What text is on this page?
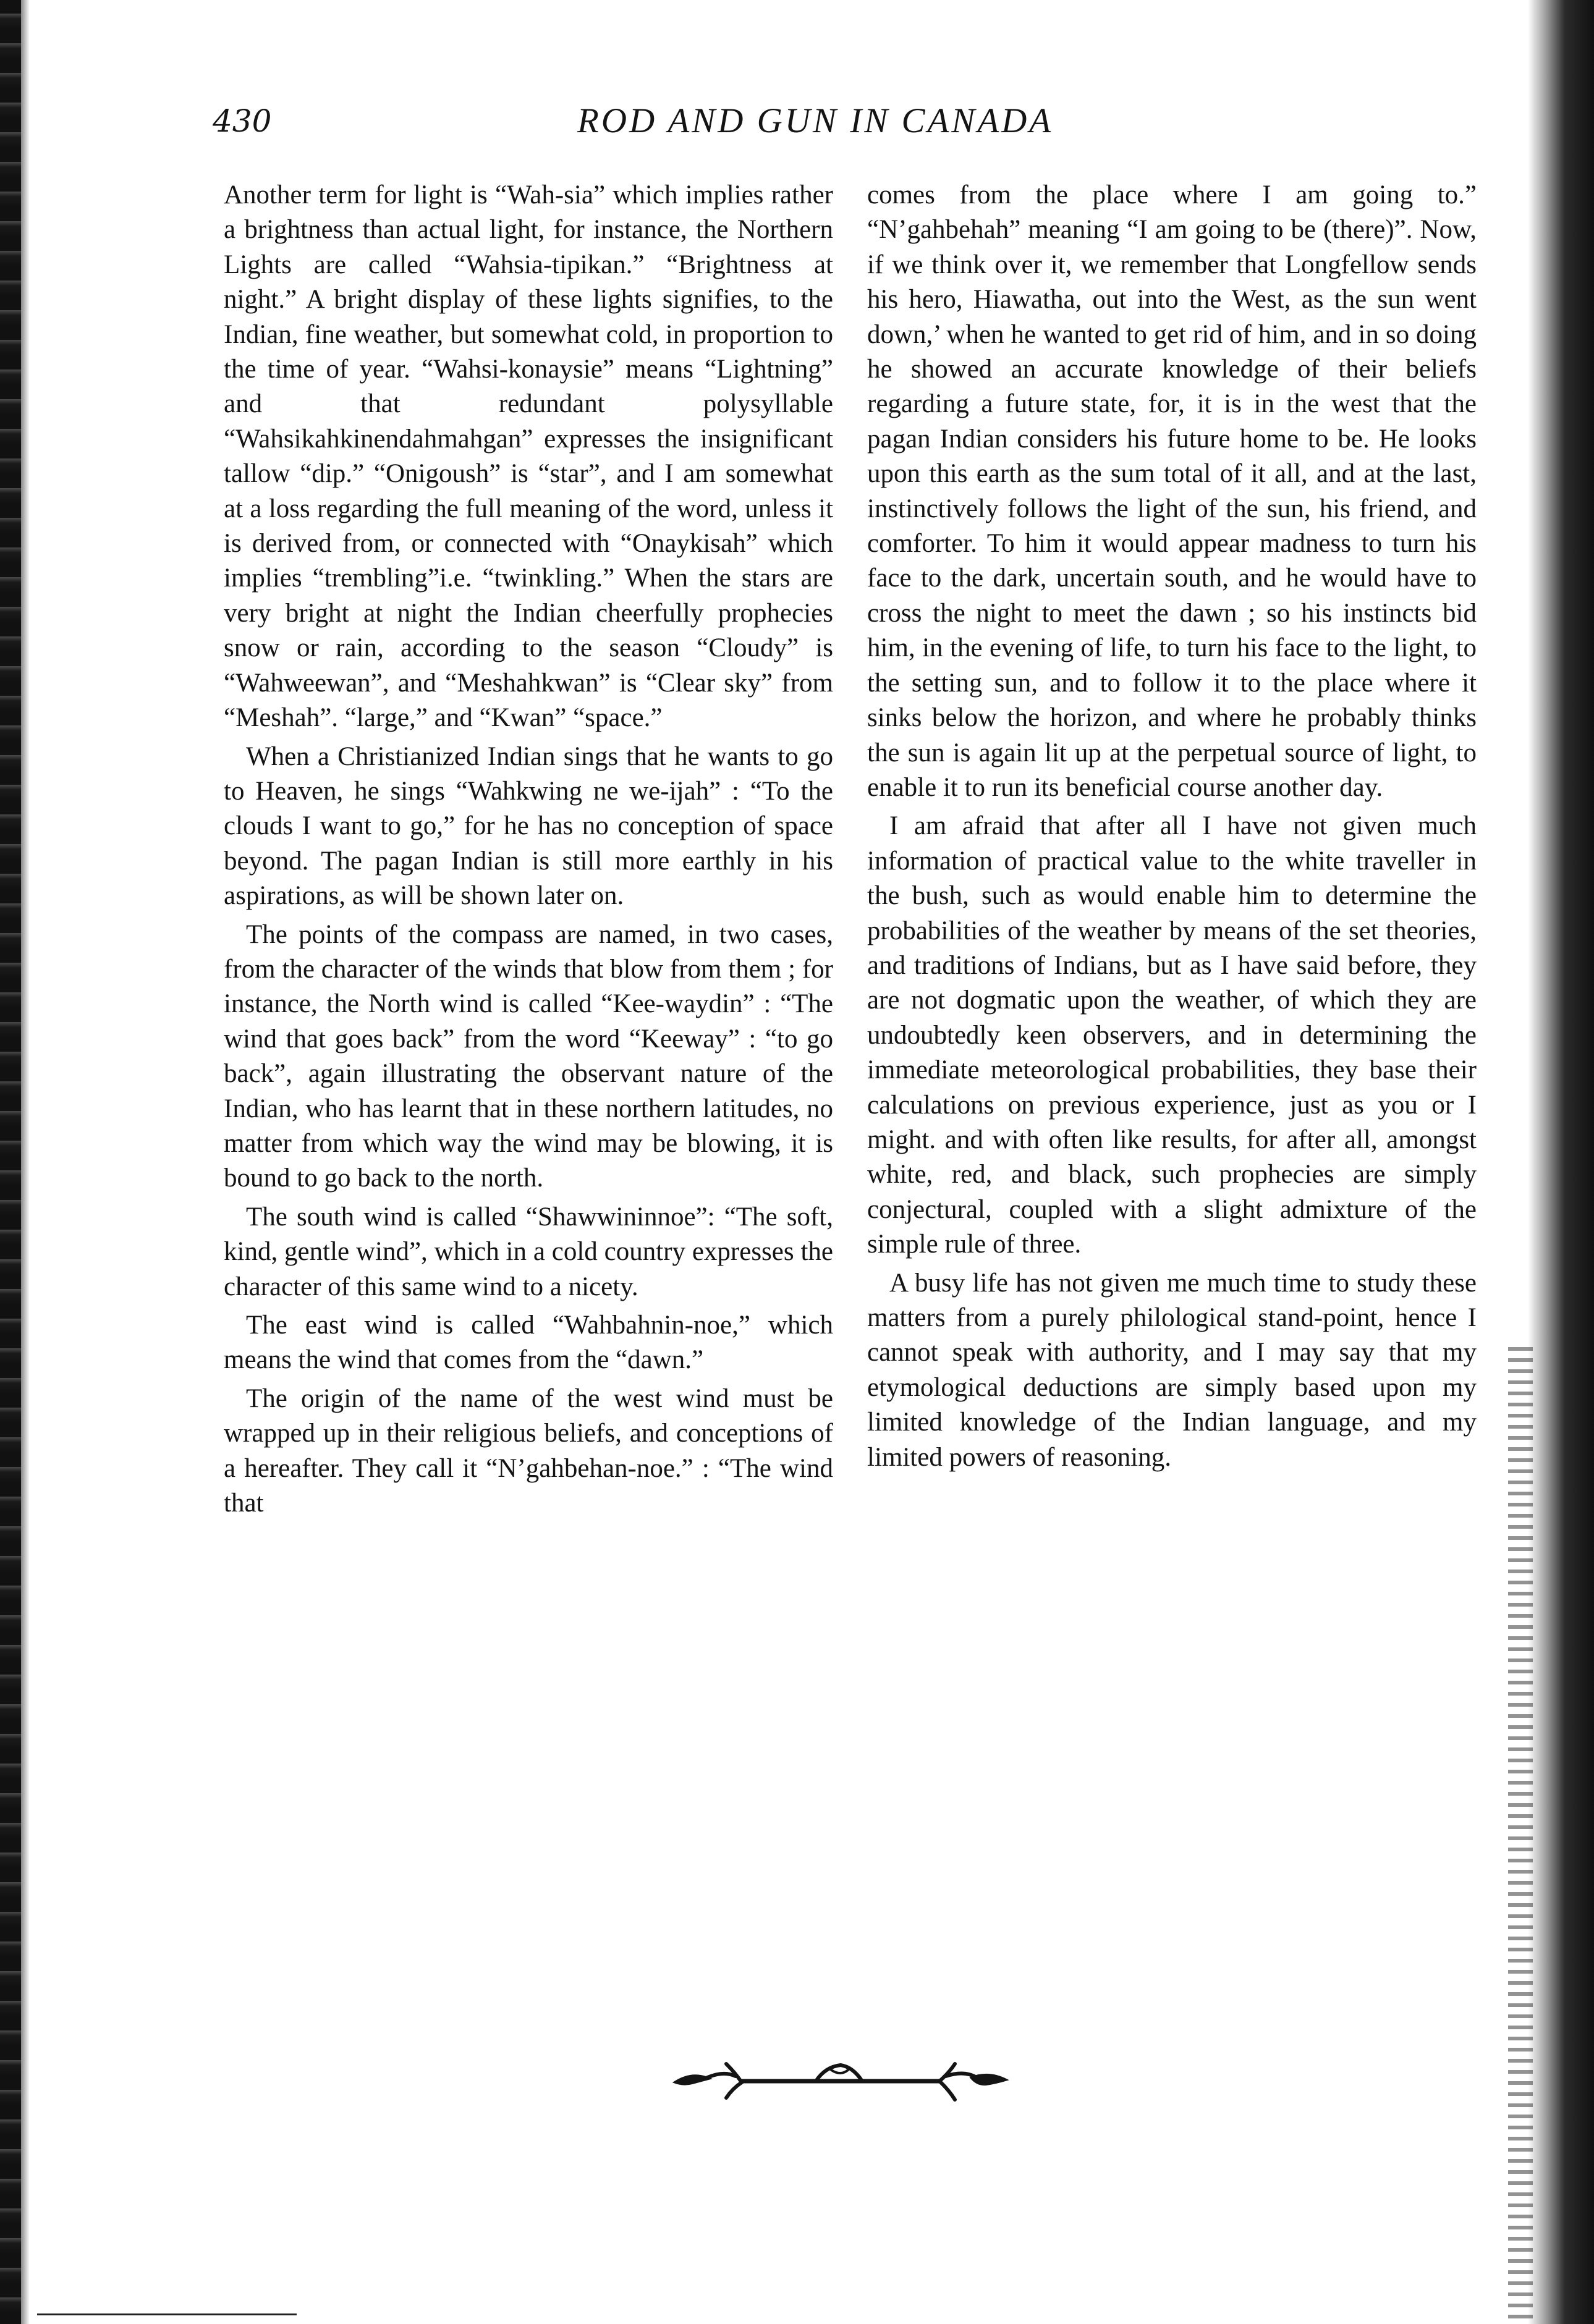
430	ROD AND GUN IN CANADA

Another term for light is “Wah-sia” which implies rather a brightness than actual light, for instance, the Northern Lights are called “Wahsia-tipikan.” “Brightness at night.” A bright display of these lights signifies, to the Indian, fine weather, but somewhat cold, in proportion to the time of year. “Wahsi-konaysie” means “Lightning” and that redundant polysyllable “Wahsikahkinendahmahgan” expresses the insignificant tallow “dip.” “Onigoush” is “star”, and I am somewhat at a loss regarding the full meaning of the word, unless it is derived from, or connected with “Onaykisah” which implies “trembling”i.e. “twinkling.” When the stars are very bright at night the Indian cheerfully prophecies snow or rain, according to the season “Cloudy” is “Wahweewan”, and “Meshahkwan” is “Clear sky” from “Meshah”. “large,” and “Kwan” “space.”

When a Christianized Indian sings that he wants to go to Heaven, he sings “Wahkwing ne we-ijah” : “To the clouds I want to go,” for he has no conception of space beyond. The pagan Indian is still more earthly in his aspirations, as will be shown later on.

The points of the compass are named, in two cases, from the character of the winds that blow from them ; for instance, the North wind is called “Kee-waydin” : “The wind that goes back” from the word “Keeway” : “to go back”, again illustrating the observant nature of the Indian, who has learnt that in these northern latitudes, no matter from which way the wind may be blowing, it is bound to go back to the north.

The south wind is called “Shawwininnoe”: “The soft, kind, gentle wind”, which in a cold country expresses the character of this same wind to a nicety.

The east wind is called “Wahbahnin-noe,” which means the wind that comes from the “dawn.”

The origin of the name of the west wind must be wrapped up in their religious beliefs, and conceptions of a hereafter. They call it “N’gahbehan-noe.” : “The wind that

comes from the place where I am going to.” “N’gahbehah” meaning “I am going to be (there)”. Now, if we think over it, we remember that Longfellow sends his hero, Hiawatha, out into the West, as the sun went down,’ when he wanted to get rid of him, and in so doing he showed an accurate knowledge of their beliefs regarding a future state, for, it is in the west that the pagan Indian considers his future home to be. He looks upon this earth as the sum total of it all, and at the last, instinctively follows the light of the sun, his friend, and comforter. To him it would appear madness to turn his face to the dark, uncertain south, and he would have to cross the night to meet the dawn ; so his instincts bid him, in the evening of life, to turn his face to the light, to the setting sun, and to follow it to the place where it sinks below the horizon, and where he probably thinks the sun is again lit up at the perpetual source of light, to enable it to run its beneficial course another day.

I am afraid that after all I have not given much information of practical value to the white traveller in the bush, such as would enable him to determine the probabilities of the weather by means of the set theories, and traditions of Indians, but as I have said before, they are not dogmatic upon the weather, of which they are undoubtedly keen observers, and in determining the immediate meteorological probabilities, they base their calculations on previous experience, just as you or I might. and with often like results, for after all, amongst white, red, and black, such prophecies are simply conjectural, coupled with a slight admixture of the simple rule of three.

A busy life has not given me much time to study these matters from a purely philological stand-point, hence I cannot speak with authority, and I may say that my etymological deductions are simply based upon my limited knowledge of the Indian language, and my limited powers of reasoning.
